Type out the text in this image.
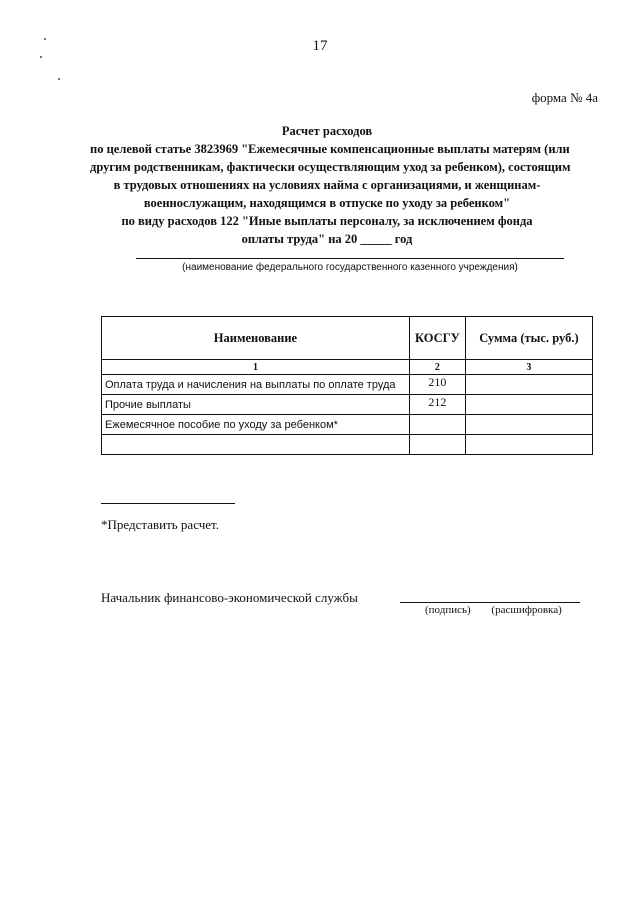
17
форма № 4а
Расчет расходов
по целевой статье 3823969 "Ежемесячные компенсационные выплаты матерям (или
другим родственникам, фактически осуществляющим уход за ребенком), состоящим
в трудовых отношениях на условиях найма с организациями, и женщинам-
военнослужащим, находящимся в отпуске по уходу за ребенком"
по виду расходов 122 "Иные выплаты персоналу, за исключением фонда
оплаты труда" на 20 _____ год
(наименование федерального государственного казенного учреждения)
Наименование	КОСГУ	Сумма (тыс. руб.)
1	2	3
Оплата труда и начисления на выплаты по оплате труда	210	
Прочие выплаты	212	
Ежемесячное пособие по уходу за ребенком*		

*Представить расчет.
Начальник финансово-экономической службы
(подпись) (расшифровка)
